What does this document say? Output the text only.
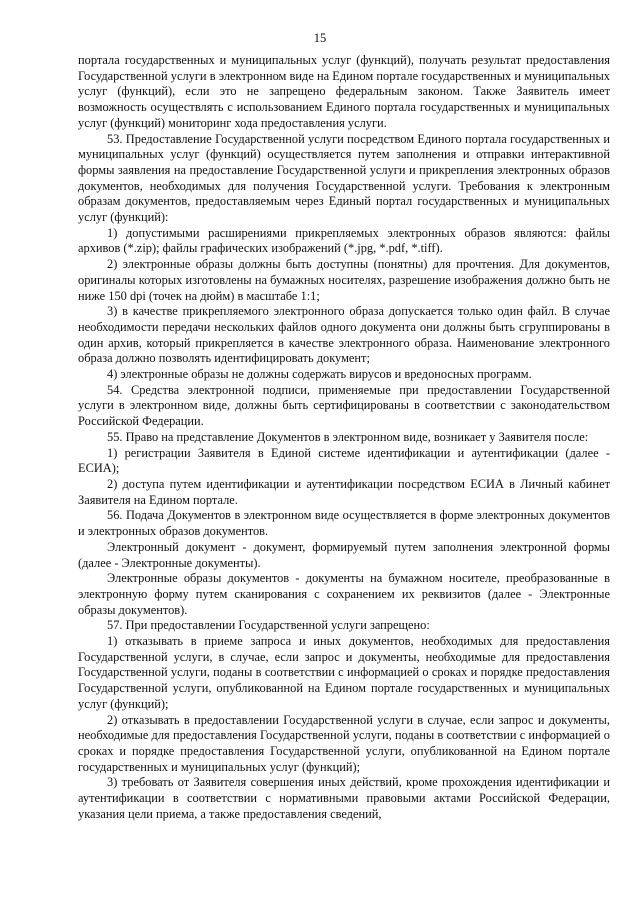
15

портала государственных и муниципальных услуг (функций), получать результат предоставления Государственной услуги в электронном виде на Едином портале государственных и муниципальных услуг (функций), если это не запрещено федеральным законом. Также Заявитель имеет возможность осуществлять с использованием Единого портала государственных и муниципальных услуг (функций) мониторинг хода предоставления услуги.

53. Предоставление Государственной услуги посредством Единого портала государственных и муниципальных услуг (функций) осуществляется путем заполнения и отправки интерактивной формы заявления на предоставление Государственной услуги и прикрепления электронных образов документов, необходимых для получения Государственной услуги. Требования к электронным образам документов, предоставляемым через Единый портал государственных и муниципальных услуг (функций):

1) допустимыми расширениями прикрепляемых электронных образов являются: файлы архивов (*.zip); файлы графических изображений (*.jpg, *.pdf, *.tiff).

2) электронные образы должны быть доступны (понятны) для прочтения. Для документов, оригиналы которых изготовлены на бумажных носителях, разрешение изображения должно быть не ниже 150 dpi (точек на дюйм) в масштабе 1:1;

3) в качестве прикрепляемого электронного образа допускается только один файл. В случае необходимости передачи нескольких файлов одного документа они должны быть сгруппированы в один архив, который прикрепляется в качестве электронного образа. Наименование электронного образа должно позволять идентифицировать документ;

4) электронные образы не должны содержать вирусов и вредоносных программ.

54. Средства электронной подписи, применяемые при предоставлении Государственной услуги в электронном виде, должны быть сертифицированы в соответствии с законодательством Российской Федерации.

55. Право на представление Документов в электронном виде, возникает у Заявителя после:

1) регистрации Заявителя в Единой системе идентификации и аутентификации (далее - ЕСИА);

2) доступа путем идентификации и аутентификации посредством ЕСИА в Личный кабинет Заявителя на Едином портале.

56. Подача Документов в электронном виде осуществляется в форме электронных документов и электронных образов документов.

Электронный документ - документ, формируемый путем заполнения электронной формы (далее - Электронные документы).

Электронные образы документов - документы на бумажном носителе, преобразованные в электронную форму путем сканирования с сохранением их реквизитов (далее - Электронные образы документов).

57. При предоставлении Государственной услуги запрещено:

1) отказывать в приеме запроса и иных документов, необходимых для предоставления Государственной услуги, в случае, если запрос и документы, необходимые для предоставления Государственной услуги, поданы в соответствии с информацией о сроках и порядке предоставления Государственной услуги, опубликованной на Едином портале государственных и муниципальных услуг (функций);

2) отказывать в предоставлении Государственной услуги в случае, если запрос и документы, необходимые для предоставления Государственной услуги, поданы в соответствии с информацией о сроках и порядке предоставления Государственной услуги, опубликованной на Едином портале государственных и муниципальных услуг (функций);

3) требовать от Заявителя совершения иных действий, кроме прохождения идентификации и аутентификации в соответствии с нормативными правовыми актами Российской Федерации, указания цели приема, а также предоставления сведений,
